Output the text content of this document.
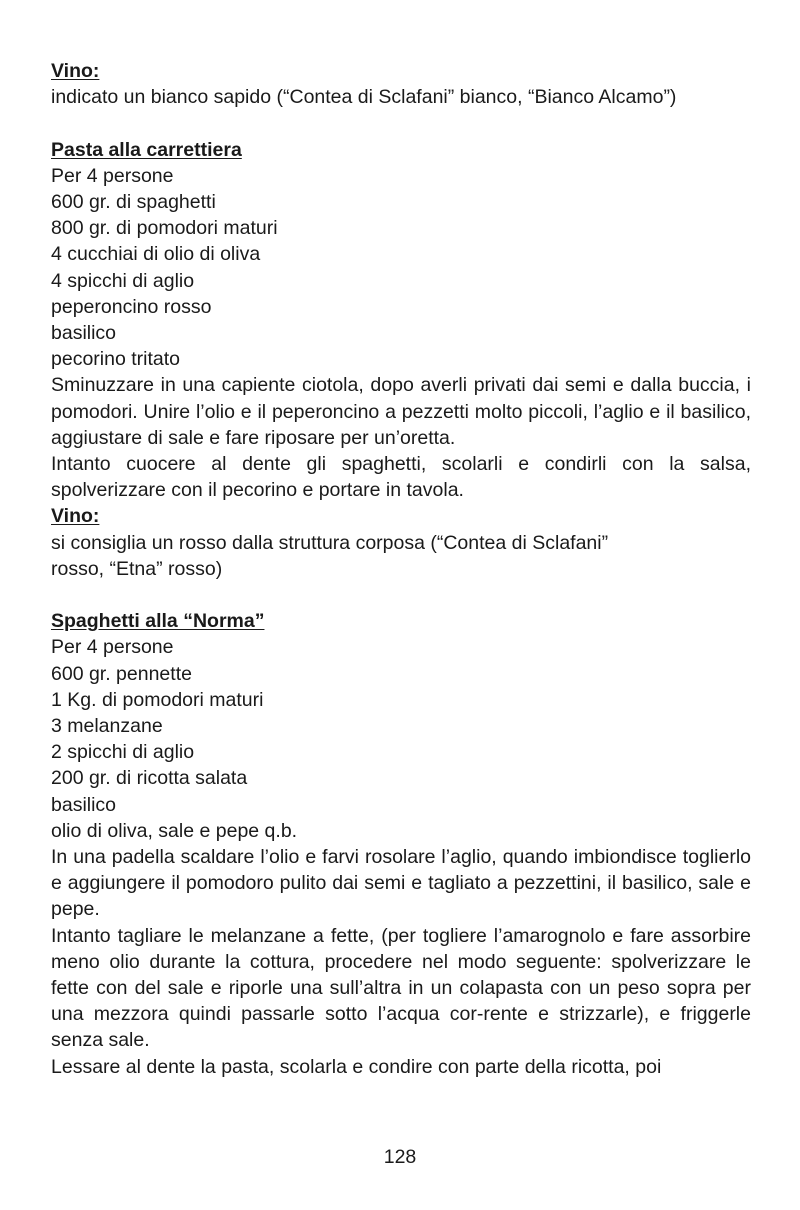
Vino:
indicato un bianco sapido (“Contea di Sclafani” bianco, “Bianco Alcamo”)
Pasta alla carrettiera
Per 4 persone
600 gr. di spaghetti
800 gr. di pomodori maturi
4 cucchiai di olio di oliva
4 spicchi di aglio
peperoncino rosso
basilico
pecorino tritato
Sminuzzare in una capiente ciotola, dopo averli privati dai semi e dalla buccia, i pomodori. Unire l’olio e il peperoncino a pezzetti molto piccoli, l’aglio e il basilico, aggiustare di sale e fare riposare per un’oretta.
Intanto cuocere al dente gli spaghetti, scolarli e condirli con la salsa, spolverizzare con il pecorino e portare in tavola.
Vino:
si consiglia un rosso dalla struttura corposa (“Contea di Sclafani”
rosso, “Etna” rosso)
Spaghetti alla “Norma”
Per 4 persone
600 gr. pennette
1 Kg. di pomodori maturi
3 melanzane
2 spicchi di aglio
200 gr. di ricotta salata
basilico
olio di oliva, sale e pepe q.b.
In una padella scaldare l’olio e farvi rosolare l’aglio, quando imbiondisce toglierlo e aggiungere il pomodoro pulito dai semi e tagliato a pezzettini, il basilico, sale e pepe.
Intanto tagliare le melanzane a fette, (per togliere l’amarognolo e fare assorbire meno olio durante la cottura, procedere nel modo seguente: spolverizzare le fette con del sale e riporle una sull’altra in un colapasta con un peso sopra per una mezzora quindi passarle sotto l’acqua cor-rente e strizzarle), e friggerle senza sale.
Lessare al dente la pasta, scolarla e condire con parte della ricotta, poi
128
